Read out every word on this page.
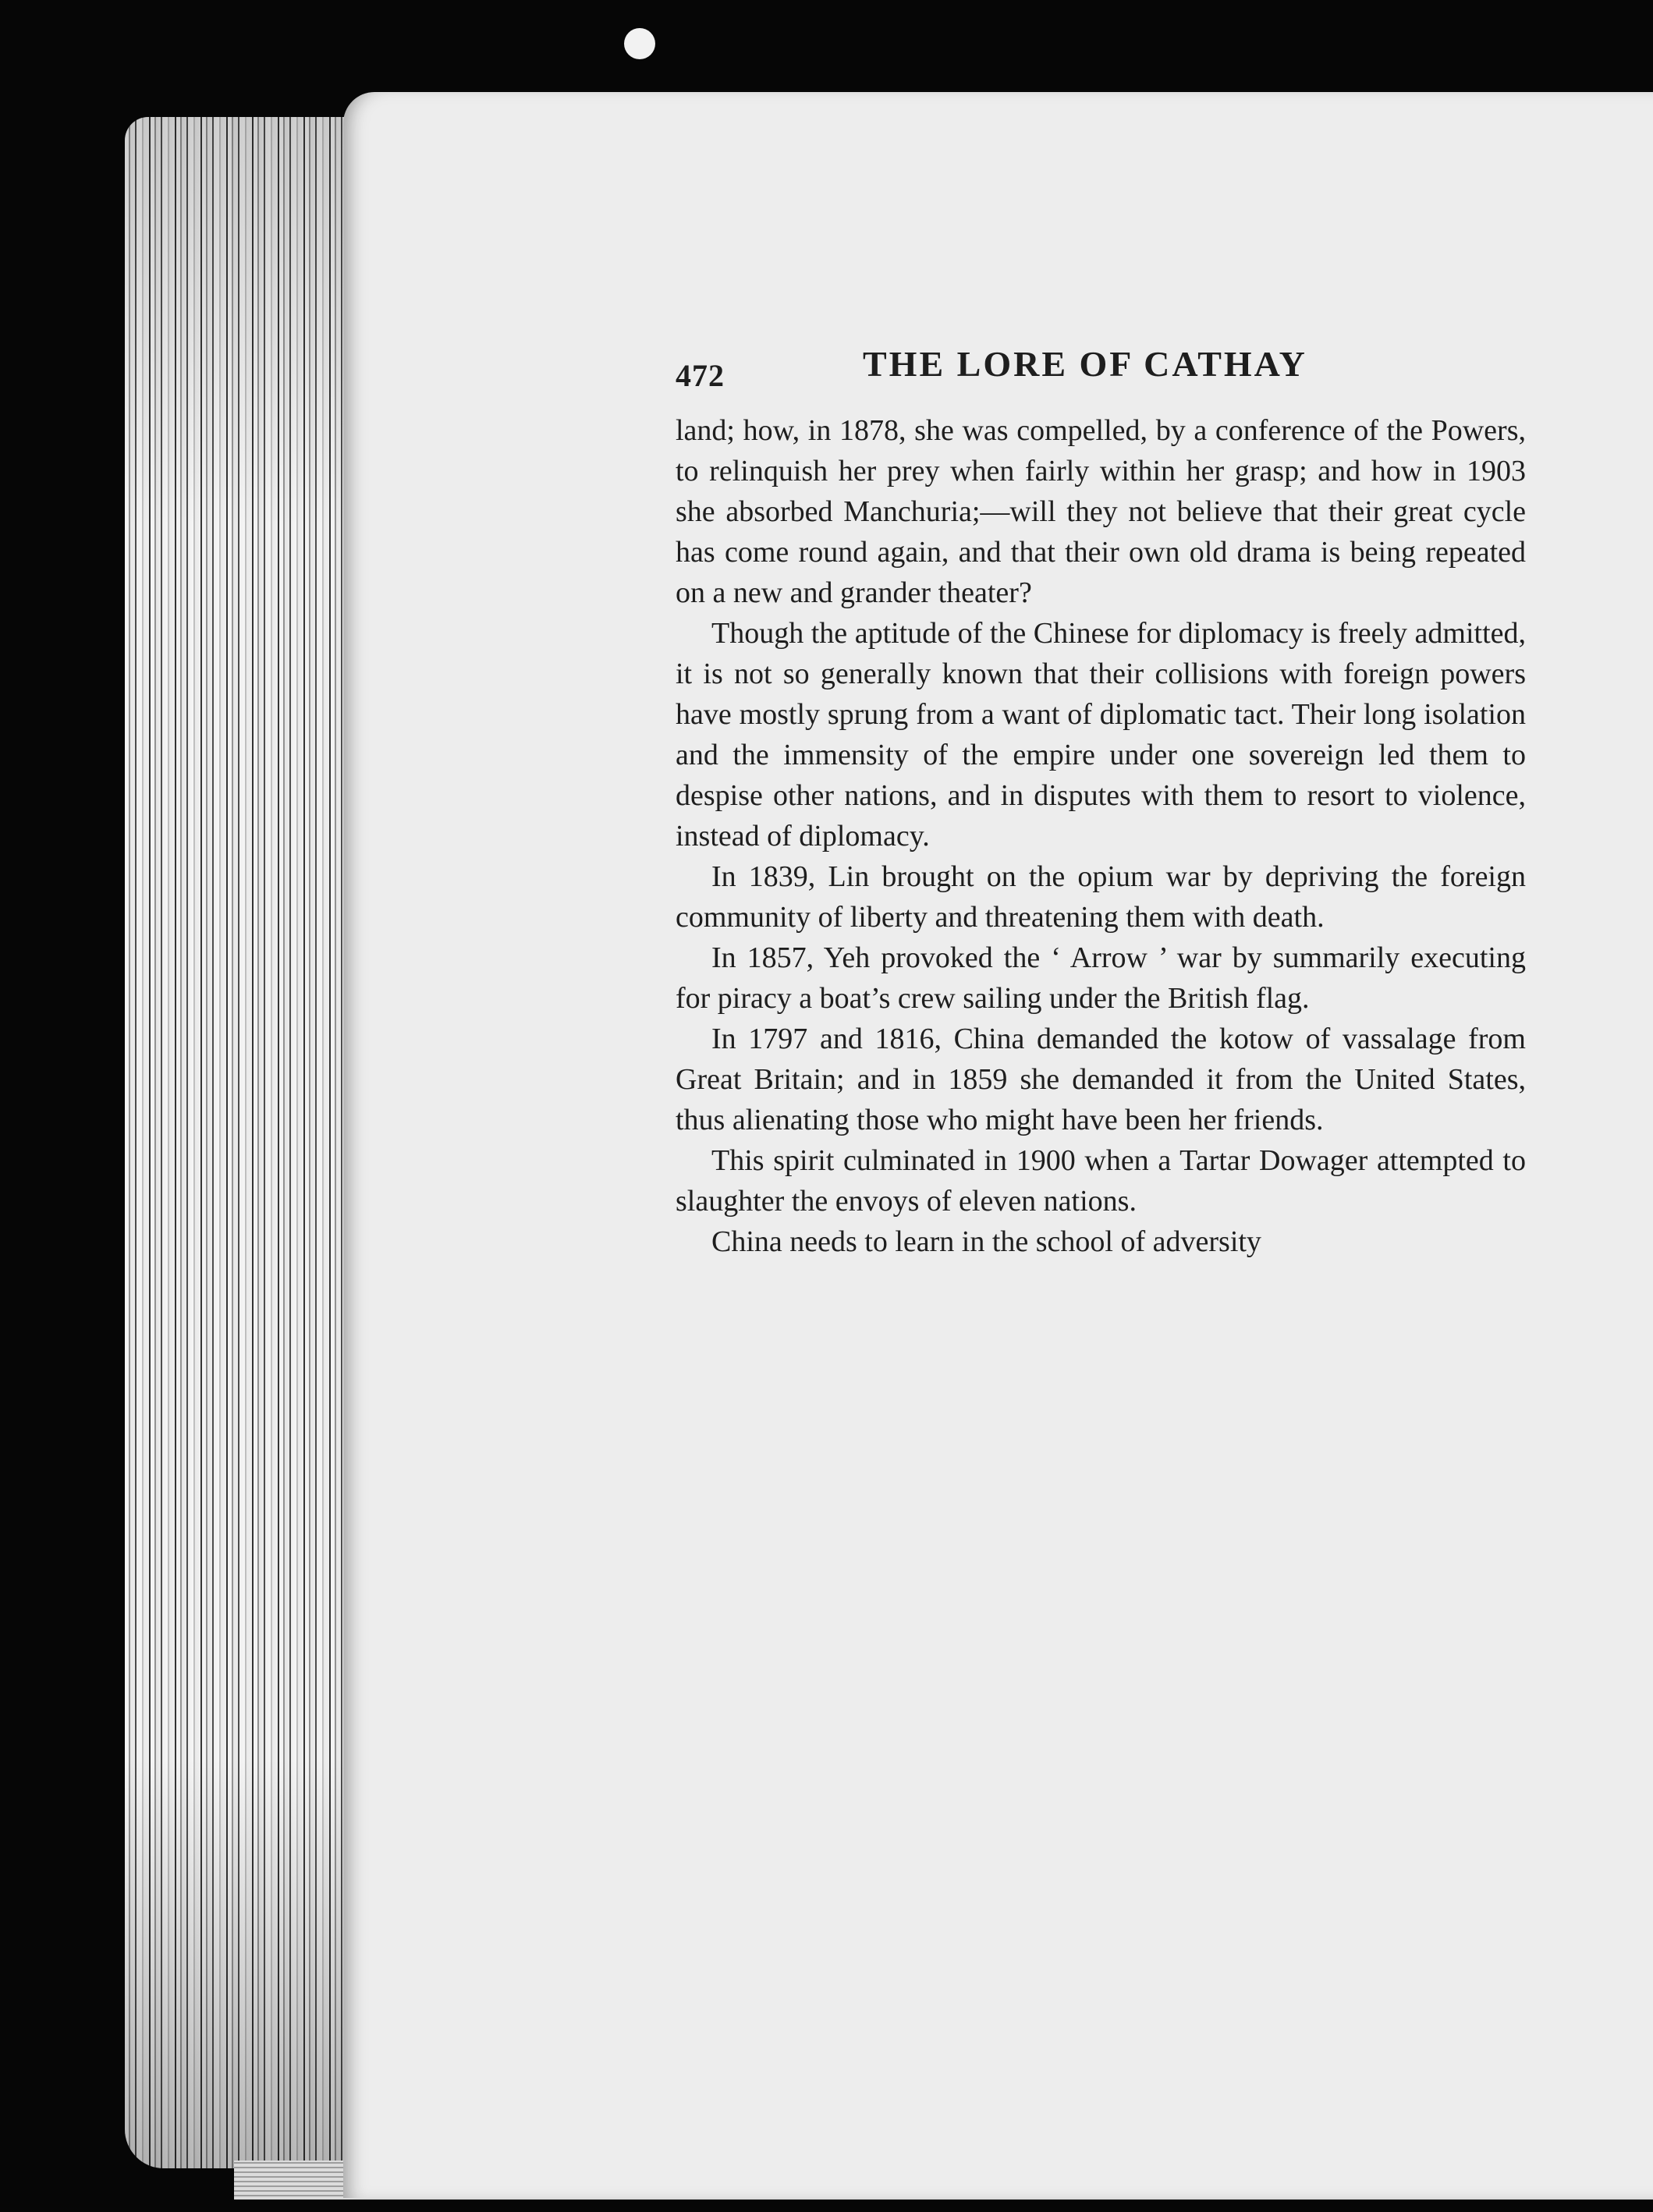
472	THE LORE OF CATHAY

land; how, in 1878, she was compelled, by a conference of the Powers, to relinquish her prey when fairly within her grasp; and how in 1903 she absorbed Manchuria;—will they not believe that their great cycle has come round again, and that their own old drama is being repeated on a new and grander theater?

Though the aptitude of the Chinese for diplomacy is freely admitted, it is not so generally known that their collisions with foreign powers have mostly sprung from a want of diplomatic tact. Their long isolation and the immensity of the empire under one sovereign led them to despise other nations, and in disputes with them to resort to violence, instead of diplomacy.

In 1839, Lin brought on the opium war by depriving the foreign community of liberty and threatening them with death.

In 1857, Yeh provoked the ‘ Arrow ’ war by summarily executing for piracy a boat’s crew sailing under the British flag.

In 1797 and 1816, China demanded the kotow of vassalage from Great Britain; and in 1859 she demanded it from the United States, thus alienating those who might have been her friends.

This spirit culminated in 1900 when a Tartar Dowager attempted to slaughter the envoys of eleven nations.

China needs to learn in the school of adversity
